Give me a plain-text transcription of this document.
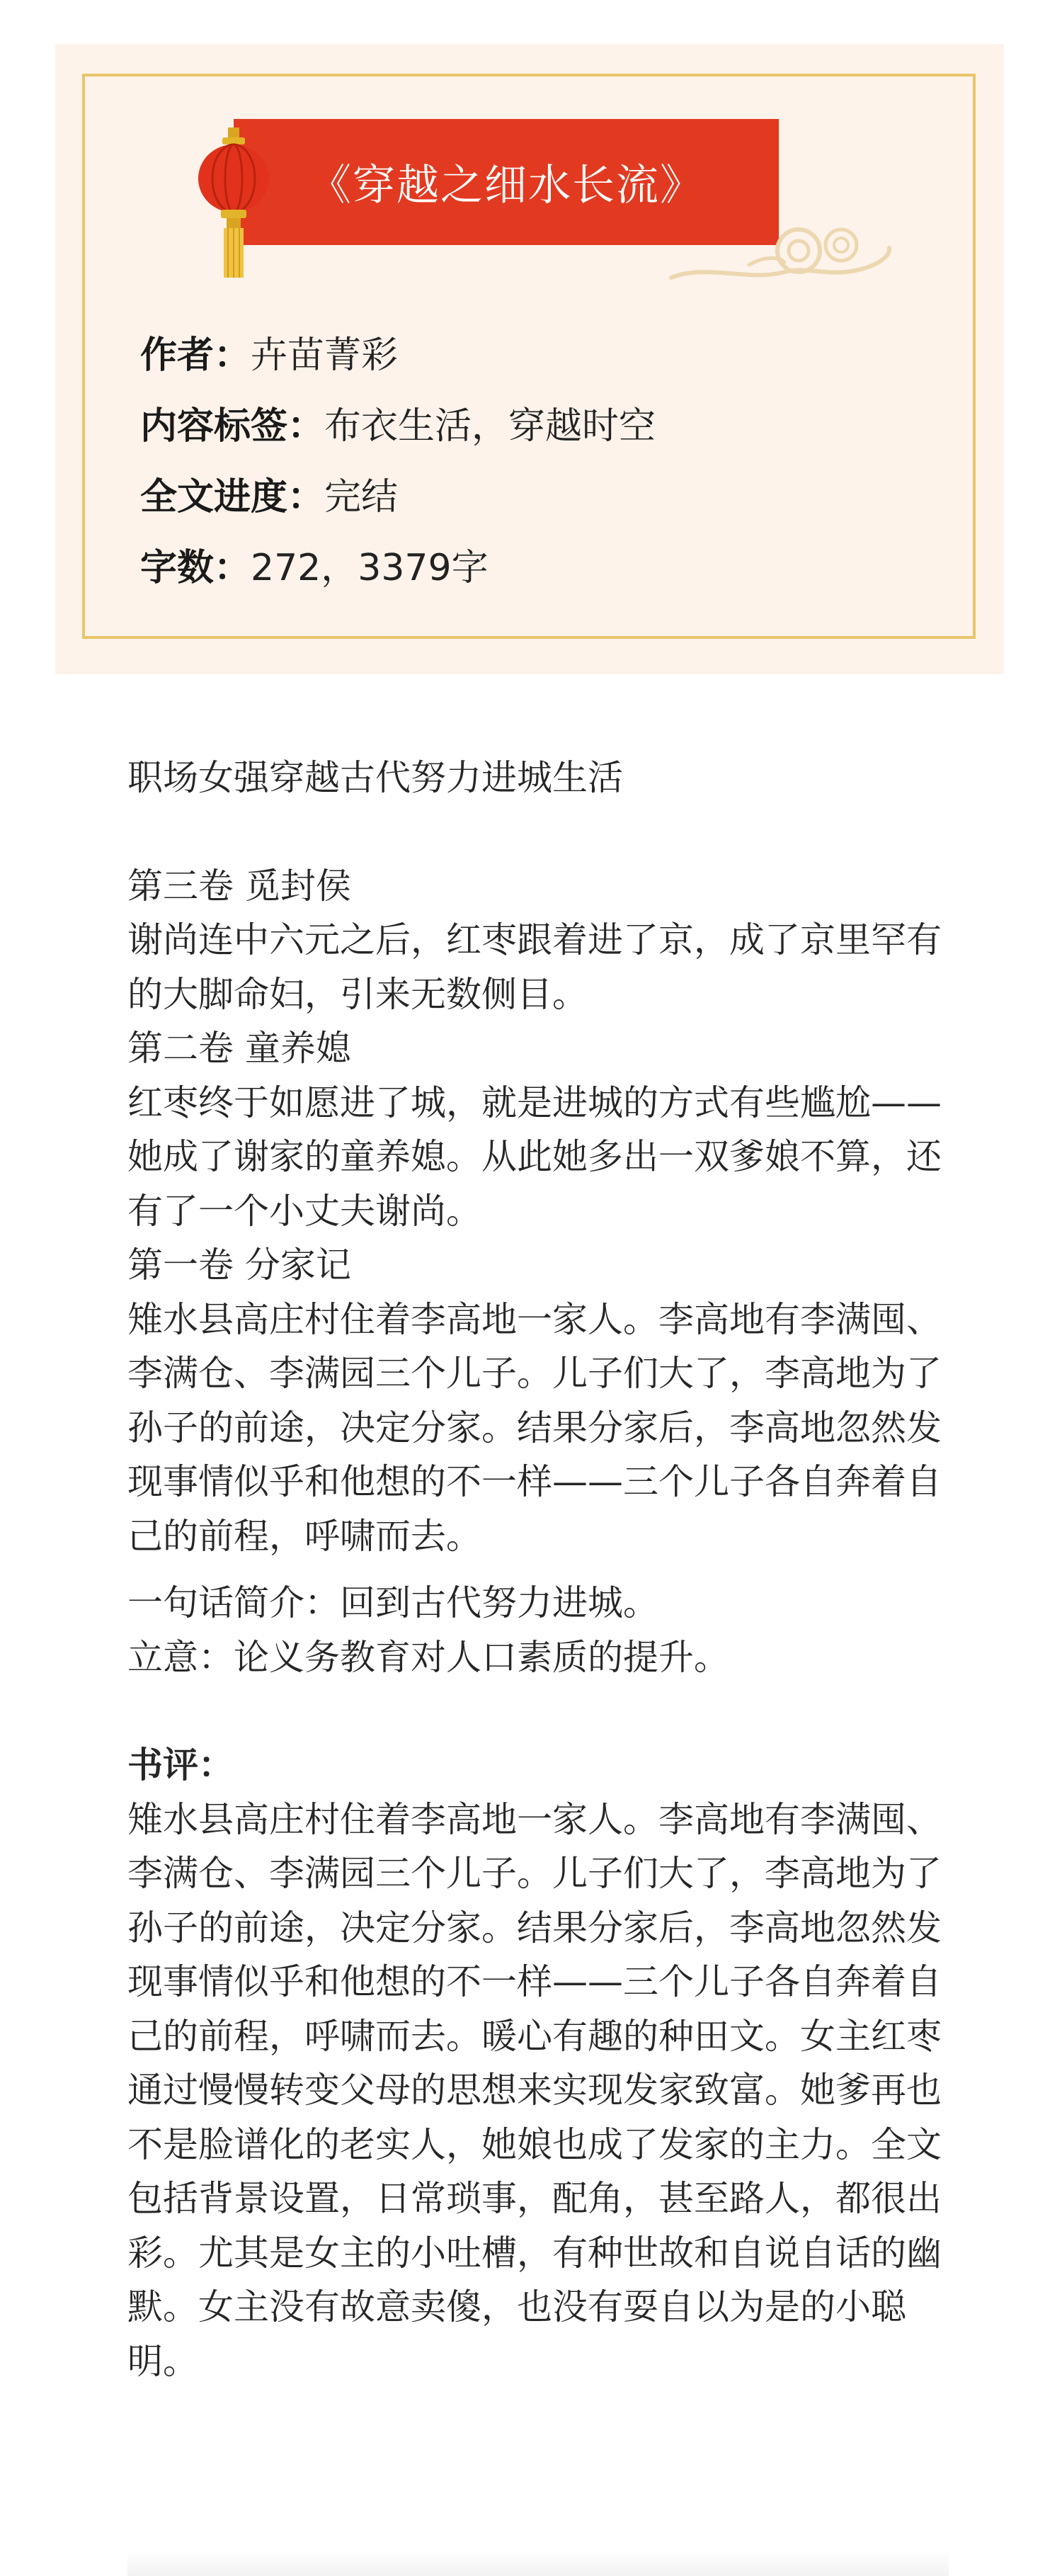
《穿越之细水长流》
作者：卉苗菁彩
内容标签：布衣生活，穿越时空
全文进度：完结
字数：272，3379字

职场女强穿越古代努力进城生活

第三卷 觅封侯

谢尚连中六元之后，红枣跟着进了京，成了京里罕有的大脚命妇，引来无数侧目。

第二卷 童养媳

红枣终于如愿进了城，就是进城的方式有些尴尬——她成了谢家的童养媳。从此她多出一双爹娘不算，还有了一个小丈夫谢尚。

第一卷 分家记

雉水县高庄村住着李高地一家人。李高地有李满囤、李满仓、李满园三个儿子。儿子们大了，李高地为了孙子的前途，决定分家。结果分家后，李高地忽然发现事情似乎和他想的不一样——三个儿子各自奔着自己的前程，呼啸而去。

一句话简介：回到古代努力进城。

立意：论义务教育对人口素质的提升。

书评：

雉水县高庄村住着李高地一家人。李高地有李满囤、李满仓、李满园三个儿子。儿子们大了，李高地为了孙子的前途，决定分家。结果分家后，李高地忽然发现事情似乎和他想的不一样——三个儿子各自奔着自己的前程，呼啸而去。暖心有趣的种田文。女主红枣通过慢慢转变父母的思想来实现发家致富。她爹再也不是脸谱化的老实人，她娘也成了发家的主力。全文包括背景设置，日常琐事，配角，甚至路人，都很出彩。尤其是女主的小吐槽，有种世故和自说自话的幽默。女主没有故意卖傻，也没有耍自以为是的小聪明。
